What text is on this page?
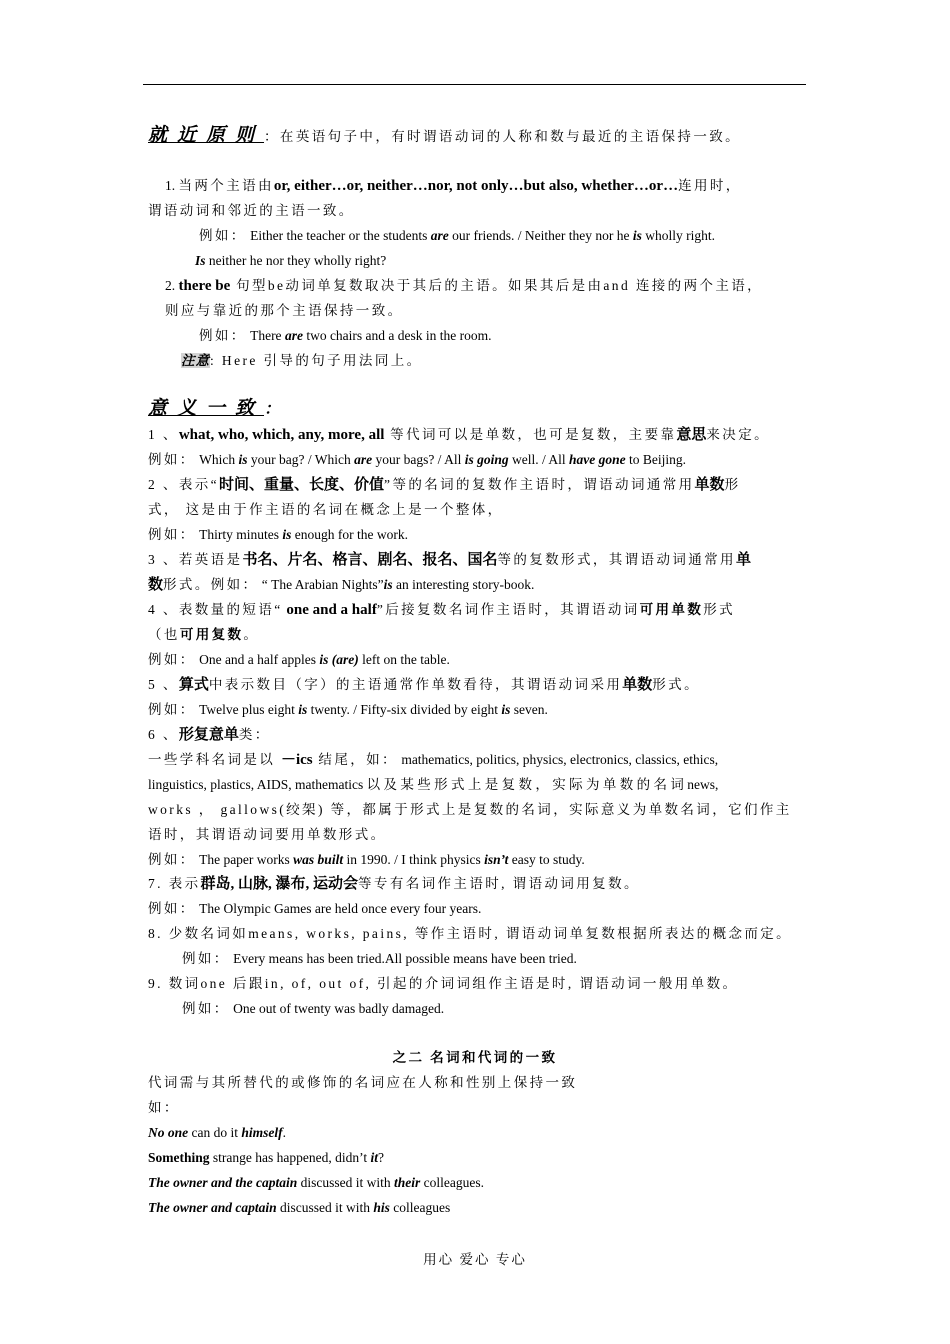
就近原则：在英语句子中，有时谓语动词的人称和数与最近的主语保持一致。
1. 当两个主语由or, either…or, neither…nor, not only…but also, whether…or…连用时，
谓语动词和邻近的主语一致。
例如： Either the teacher or the students are our friends. / Neither they nor he is wholly right.
Is neither he nor they wholly right?
2. there be 句型be动词单复数取决于其后的主语。如果其后是由and 连接的两个主语，
则应与靠近的那个主语保持一致。
例如： There are two chairs and a desk in the room.
注意: Here 引导的句子用法同上。
意义一致：
1 、what, who, which, any, more, all 等代词可以是单数，也可是复数，主要靠意思来决定。
例如： Which is your bag? / Which are your bags? / All is going well. / All have gone to Beijing.
2 、表示“时间、重量、长度、价值”等的名词的复数作主语时，谓语动词通常用单数形
式， 这是由于作主语的名词在概念上是一个整体，
例如： Thirty minutes is enough for the work.
3 、若英语是书名、片名、格言、剧名、报名、国名等的复数形式，其谓语动词通常用单
数形式。例如： “ The Arabian Nights”is an interesting story-book.
4 、表数量的短语“ one and a half”后接复数名词作主语时，其谓语动词可用单数形式
（也可用复数。
例如： One and a half apples is (are) left on the table.
5 、算式中表示数目（字）的主语通常作单数看待，其谓语动词采用单数形式。
例如： Twelve plus eight is twenty. / Fifty-six divided by eight is seven.
6 、形复意单类：
一些学科名词是以 －ics 结尾，如： mathematics, politics, physics, electronics, classics, ethics,
linguistics, plastics, AIDS, mathematics 以 及 某 些 形 式 上 是 复 数 ， 实 际 为 单 数 的 名 词 news,
works ， gallows(绞架) 等，都属于形式上是复数的名词，实际意义为单数名词，它们作主
语时，其谓语动词要用单数形式。
例如： The paper works was built in 1990. / I think physics isn’t easy to study.
7. 表示群岛, 山脉, 瀑布, 运动会等专有名词作主语时, 谓语动词用复数。
例如： The Olympic Games are held once every four years.
8. 少数名词如means, works, pains, 等作主语时, 谓语动词单复数根据所表达的概念而定。
例如： Every means has been tried.All possible means have been tried.
9. 数词one 后跟in, of, out of, 引起的介词词组作主语是时, 谓语动词一般用单数。
例如： One out of twenty was badly damaged.
之二 名词和代词的一致
代词需与其所替代的或修饰的名词应在人称和性别上保持一致
如：
No one can do it himself.
Something strange has happened, didn’t it?
The owner and the captain discussed it with their colleagues.
The owner and captain discussed it with his colleagues
用心 爱心 专心
